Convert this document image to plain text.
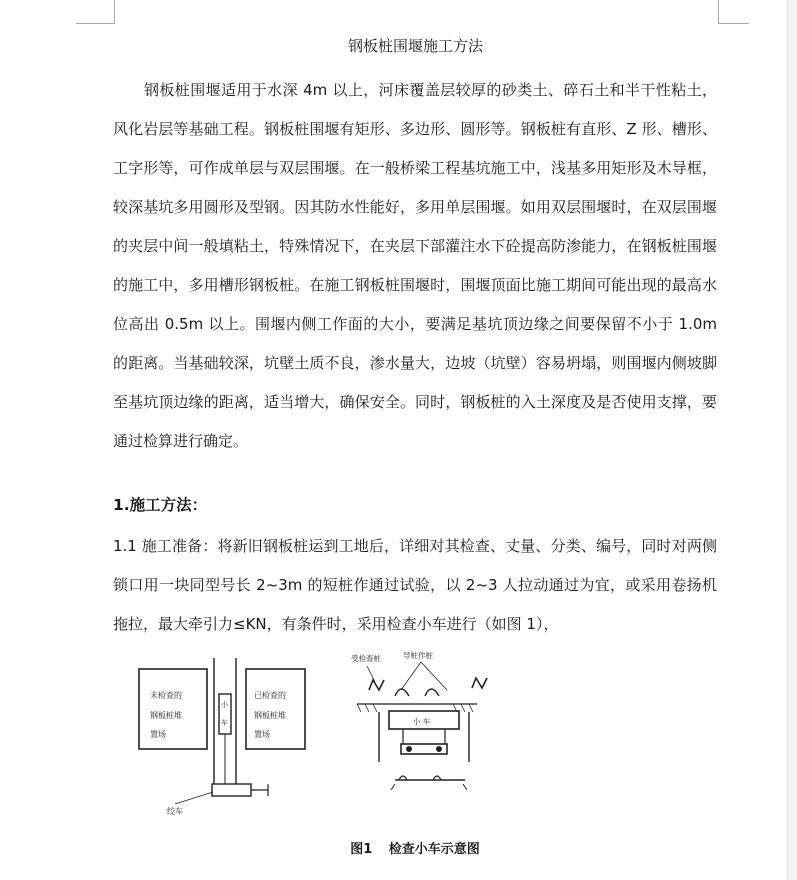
钢板桩围堰施工方法

钢板桩围堰适用于水深 4m 以上，河床覆盖层较厚的砂类土、碎石土和半干性粘土，风化岩层等基础工程。钢板桩围堰有矩形、多边形、圆形等。钢板桩有直形、Z 形、槽形、工字形等，可作成单层与双层围堰。在一般桥梁工程基坑施工中，浅基多用矩形及木导框，较深基坑多用圆形及型钢。因其防水性能好，多用单层围堰。如用双层围堰时，在双层围堰的夹层中间一般填粘土，特殊情况下，在夹层下部灌注水下砼提高防渗能力，在钢板桩围堰的施工中，多用槽形钢板桩。在施工钢板桩围堰时，围堰顶面比施工期间可能出现的最高水位高出 0.5m 以上。围堰内侧工作面的大小，要满足基坑顶边缘之间要保留不小于 1.0m 的距离。当基础较深，坑壁土质不良，渗水量大，边坡（坑壁）容易坍塌，则围堰内侧坡脚至基坑顶边缘的距离，适当增大，确保安全。同时，钢板桩的入土深度及是否使用支撑，要通过检算进行确定。

1.施工方法：

1.1 施工准备：将新旧钢板桩运到工地后，详细对其检查、丈量、分类、编号，同时对两侧锁口用一块同型号长 2~3m 的短桩作通过试验，以 2~3 人拉动通过为宜，或采用卷扬机拖拉，最大牵引力≤KN，有条件时，采用检查小车进行（如图 1），

未检查的 钢板桩堆 置场
已检查的 钢板桩堆 置场
小 车
绞车
受检查桩	导桩作桩
小 车
图1 检查小车示意图
